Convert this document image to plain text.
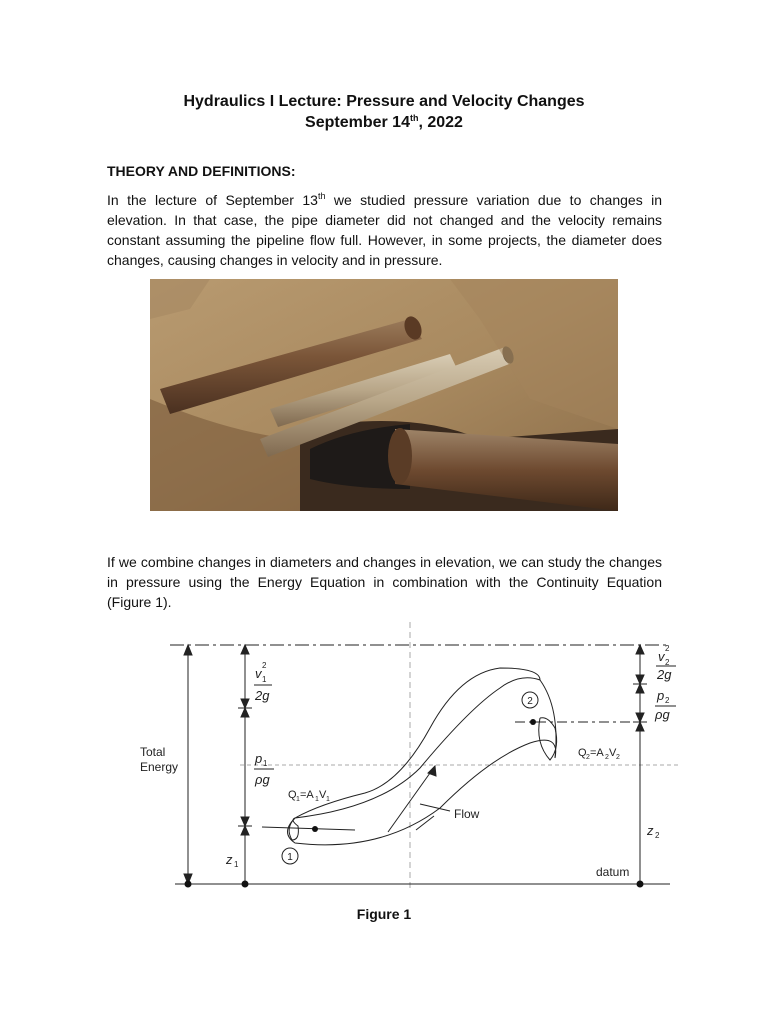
Hydraulics I Lecture: Pressure and Velocity Changes
September 14th, 2022
THEORY AND DEFINITIONS:
In the lecture of September 13th we studied pressure variation due to changes in elevation. In that case, the pipe diameter did not changed and the velocity remains constant assuming the pipeline flow full. However, in some projects, the diameter does changes, causing changes in velocity and in pressure.
If we combine changes in diameters and changes in elevation, we can study the changes in pressure using the Energy Equation in combination with the Continuity Equation (Figure 1).
1
2
Total
Energy
v 1
2
2g
p 1
ρg
z 1
v 2
2
2g
p 2
ρg
z 2
Q 1 =A 1 V 1
Q 2 =A 2 V 2
Flow
datum
Figure 1
